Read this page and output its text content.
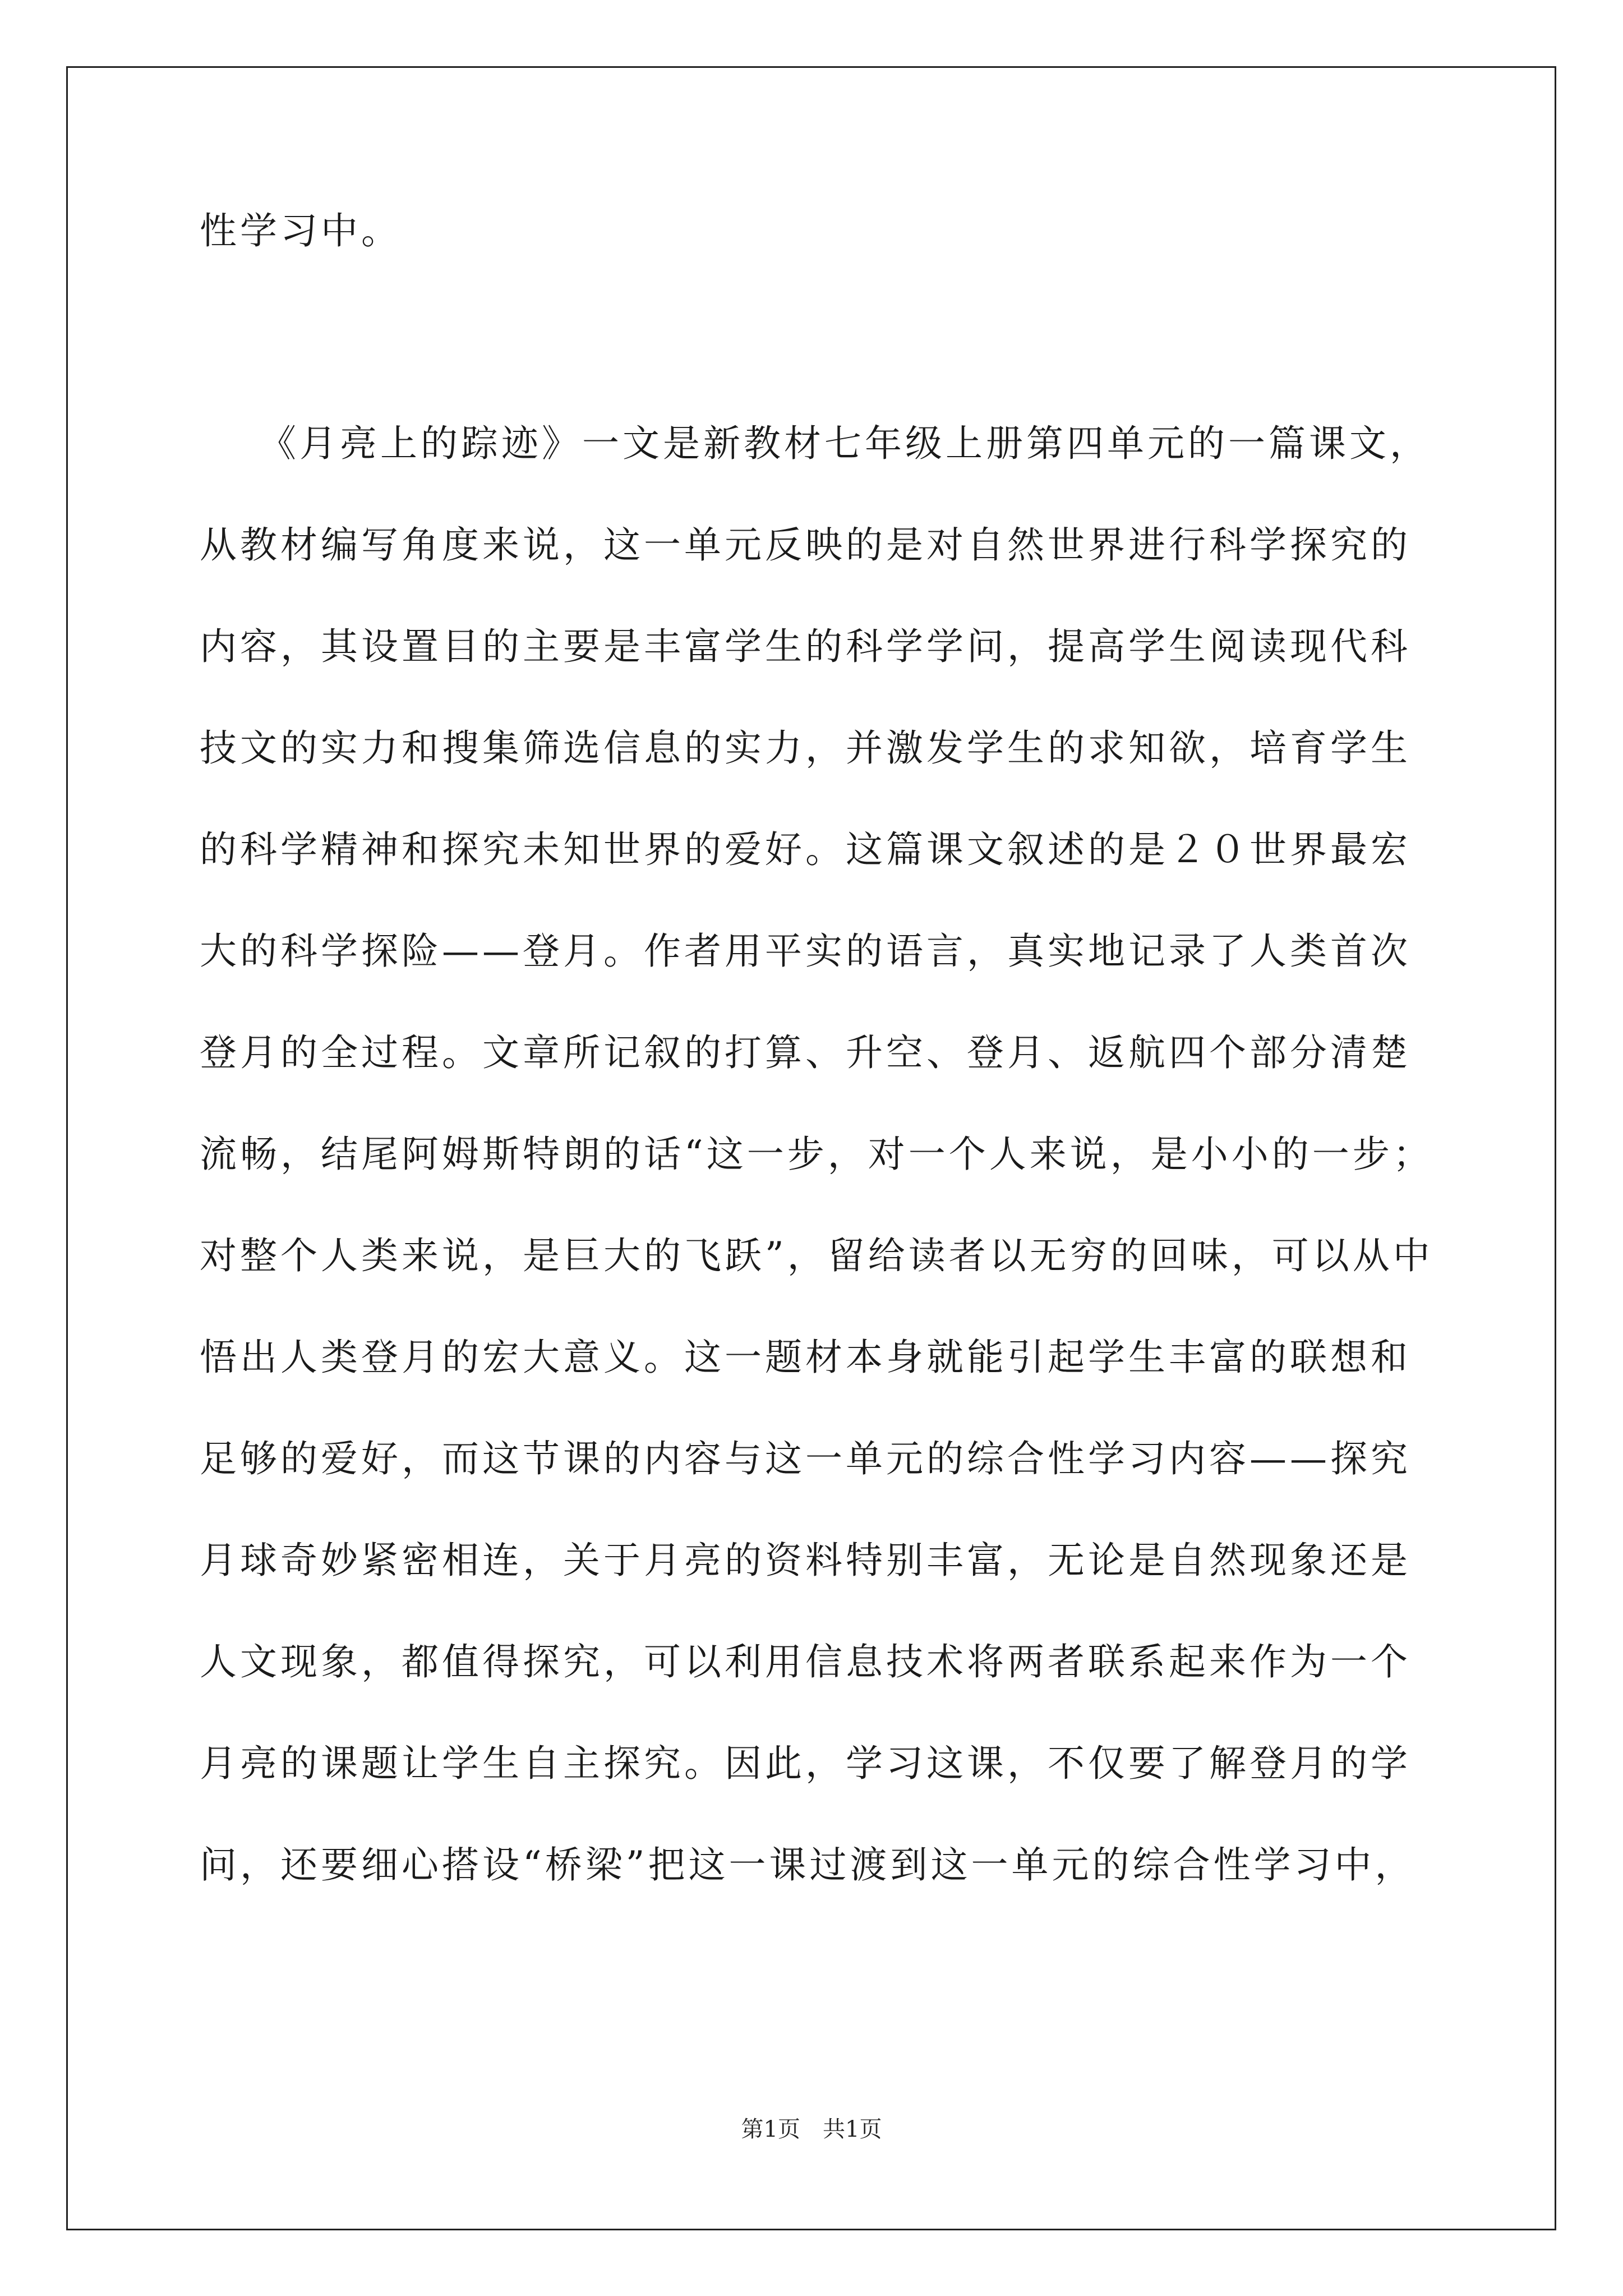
性学习中。
《月亮上的踪迹》一文是新教材七年级上册第四单元的一篇课文，
从教材编写角度来说，这一单元反映的是对自然世界进行科学探究的
内容，其设置目的主要是丰富学生的科学学问，提高学生阅读现代科
技文的实力和搜集筛选信息的实力，并激发学生的求知欲，培育学生
的科学精神和探究未知世界的爱好。这篇课文叙述的是２０世界最宏
大的科学探险——登月。作者用平实的语言，真实地记录了人类首次
登月的全过程。文章所记叙的打算、升空、登月、返航四个部分清楚
流畅，结尾阿姆斯特朗的话“这一步，对一个人来说，是小小的一步；
对整个人类来说，是巨大的飞跃”，留给读者以无穷的回味，可以从中
悟出人类登月的宏大意义。这一题材本身就能引起学生丰富的联想和
足够的爱好，而这节课的内容与这一单元的综合性学习内容——探究
月球奇妙紧密相连，关于月亮的资料特别丰富，无论是自然现象还是
人文现象，都值得探究，可以利用信息技术将两者联系起来作为一个
月亮的课题让学生自主探究。因此，学习这课，不仅要了解登月的学
问，还要细心搭设“桥梁”把这一课过渡到这一单元的综合性学习中，
第1页　共1页
